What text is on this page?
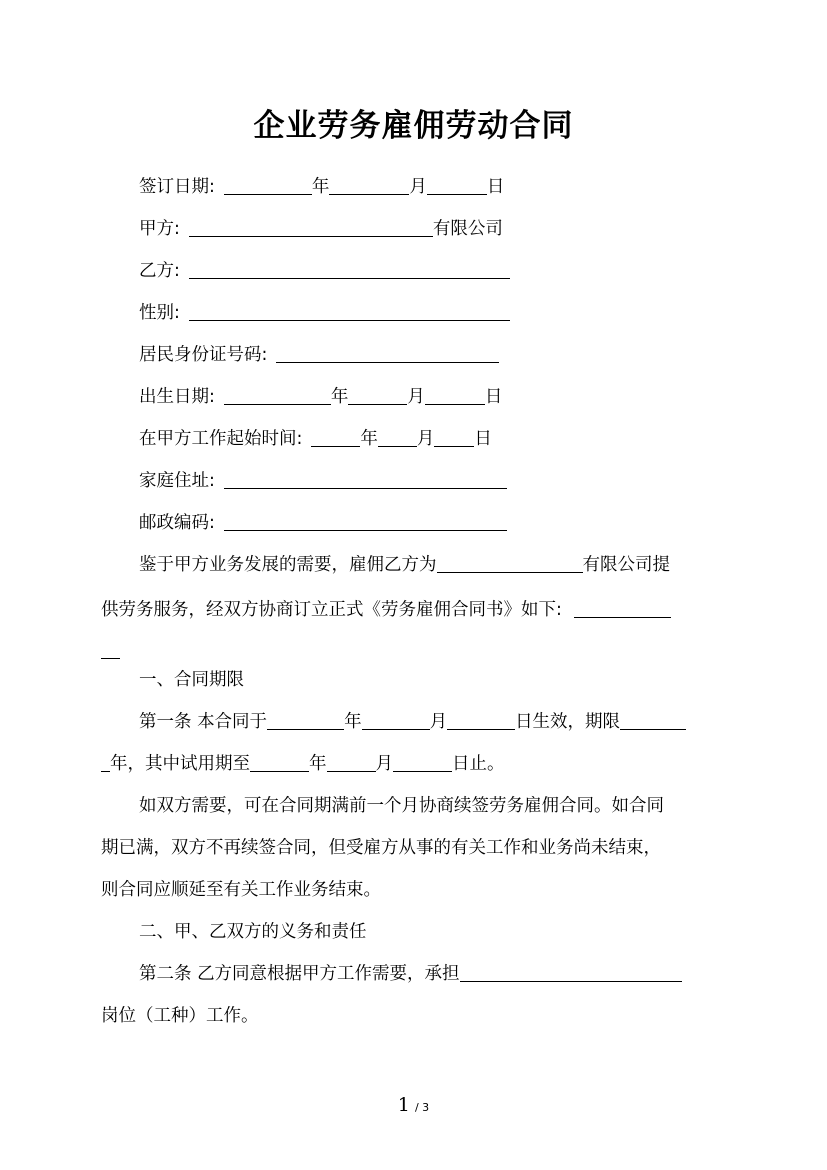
企业劳务雇佣劳动合同
签订日期:	年	月	日
甲方:	有限公司
乙方:
性别:
居民身份证号码:
出生日期:	年	月	日
在甲方工作起始时间:	年 月 日
家庭住址:
邮政编码:
鉴于甲方业务发展的需要，雇佣乙方为	有限公司提
供劳务服务，经双方协商订立正式《劳务雇佣合同书》如下:
一、合同期限
第一条 本合同于	年	月	日生效，期限
年，其中试用期至	年	月	日止。
如双方需要，可在合同期满前一个月协商续签劳务雇佣合同。如合同
期已满，双方不再续签合同，但受雇方从事的有关工作和业务尚未结束，
则合同应顺延至有关工作业务结束。
二、甲、乙双方的义务和责任
第二条 乙方同意根据甲方工作需要，承担
岗位（工种）工作。
1 / 3
